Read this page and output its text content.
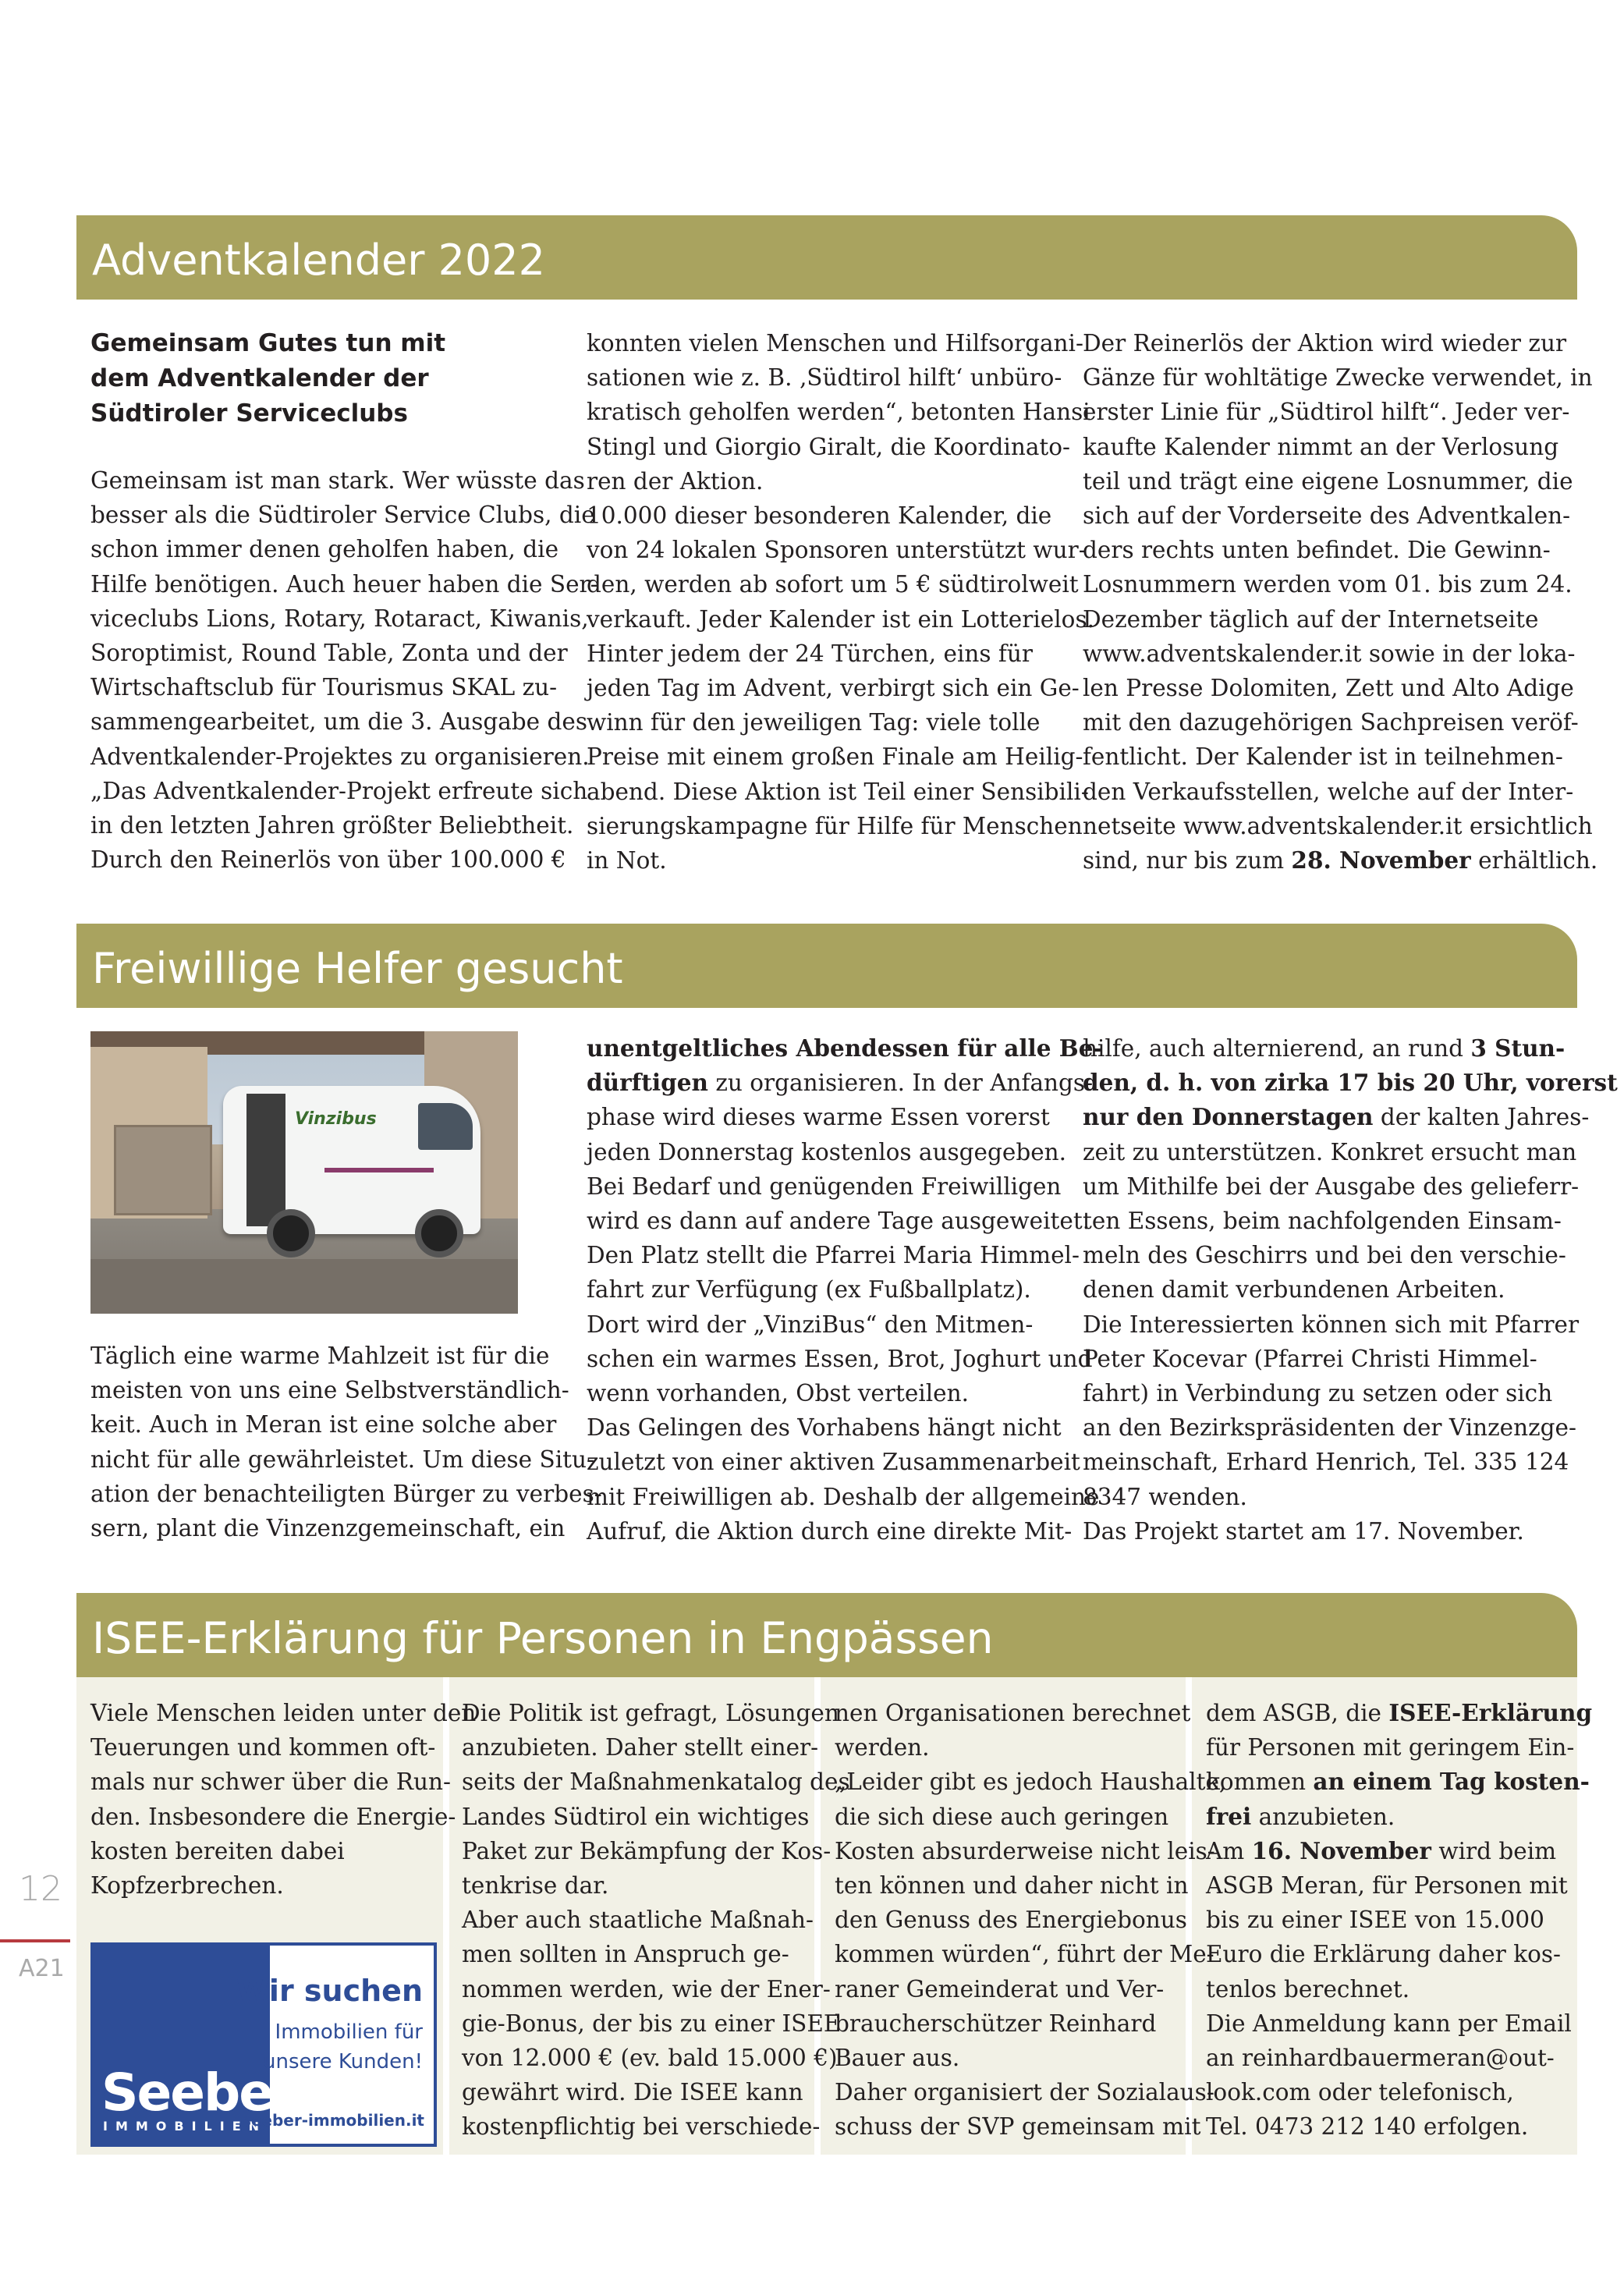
Adventkalender 2022

Gemeinsam Gutes tun mit

dem Adventkalender der

Südtiroler Serviceclubs

Gemeinsam ist man stark. Wer wüsste das

besser als die Südtiroler Service Clubs, die

schon immer denen geholfen haben, die

Hilfe benötigen. Auch heuer haben die Ser-

viceclubs Lions, Rotary, Rotaract, Kiwanis,

Soroptimist, Round Table, Zonta und der

Wirtschaftsclub für Tourismus SKAL zu-

sammengearbeitet, um die 3. Ausgabe des

Adventkalender-Projektes zu organisieren.

„Das Adventkalender-Projekt erfreute sich

in den letzten Jahren größter Beliebtheit.

Durch den Reinerlös von über 100.000 €

konnten vielen Menschen und Hilfsorgani-

sationen wie z. B. ‚Südtirol hilft‘ unbüro-

kratisch geholfen werden“, betonten Hansi

Stingl und Giorgio Giralt, die Koordinato-

ren der Aktion.

10.000 dieser besonderen Kalender, die

von 24 lokalen Sponsoren unterstützt wur-

den, werden ab sofort um 5 € südtirolweit

verkauft. Jeder Kalender ist ein Lotterielos.

Hinter jedem der 24 Türchen, eins für

jeden Tag im Advent, verbirgt sich ein Ge-

winn für den jeweiligen Tag: viele tolle

Preise mit einem großen Finale am Heilig-

abend. Diese Aktion ist Teil einer Sensibili-

sierungskampagne für Hilfe für Menschen

in Not.

Der Reinerlös der Aktion wird wieder zur

Gänze für wohltätige Zwecke verwendet, in

erster Linie für „Südtirol hilft“. Jeder ver-

kaufte Kalender nimmt an der Verlosung

teil und trägt eine eigene Losnummer, die

sich auf der Vorderseite des Adventkalen-

ders rechts unten befindet. Die Gewinn-

Losnummern werden vom 01. bis zum 24.

Dezember täglich auf der Internetseite

www.adventskalender.it sowie in der loka-

len Presse Dolomiten, Zett und Alto Adige

mit den dazugehörigen Sachpreisen veröf-

fentlicht. Der Kalender ist in teilnehmen-

den Verkaufsstellen, welche auf der Inter-

netseite www.adventskalender.it ersichtlich

sind, nur bis zum 28. November erhältlich.

Freiwillige Helfer gesucht
Vinzibus

Täglich eine warme Mahlzeit ist für die

meisten von uns eine Selbstverständlich-

keit. Auch in Meran ist eine solche aber

nicht für alle gewährleistet. Um diese Situ-

ation der benachteiligten Bürger zu verbes-

sern, plant die Vinzenzgemeinschaft, ein

unentgeltliches Abendessen für alle Be-

dürftigen zu organisieren. In der Anfangs-

phase wird dieses warme Essen vorerst

jeden Donnerstag kostenlos ausgegeben.

Bei Bedarf und genügenden Freiwilligen

wird es dann auf andere Tage ausgeweitet.

Den Platz stellt die Pfarrei Maria Himmel-

fahrt zur Verfügung (ex Fußballplatz).

Dort wird der „VinziBus“ den Mitmen-

schen ein warmes Essen, Brot, Joghurt und

wenn vorhanden, Obst verteilen.

Das Gelingen des Vorhabens hängt nicht

zuletzt von einer aktiven Zusammenarbeit

mit Freiwilligen ab. Deshalb der allgemeine

Aufruf, die Aktion durch eine direkte Mit-

hilfe, auch alternierend, an rund 3 Stun-

den, d. h. von zirka 17 bis 20 Uhr, vorerst

nur den Donnerstagen der kalten Jahres-

zeit zu unterstützen. Konkret ersucht man

um Mithilfe bei der Ausgabe des gelieferr-

ten Essens, beim nachfolgenden Einsam-

meln des Geschirrs und bei den verschie-

denen damit verbundenen Arbeiten.

Die Interessierten können sich mit Pfarrer

Peter Kocevar (Pfarrei Christi Himmel-

fahrt) in Verbindung zu setzen oder sich

an den Bezirkspräsidenten der Vinzenzge-

meinschaft, Erhard Henrich, Tel. 335 124

8347 wenden.

Das Projekt startet am 17. November.

ISEE-Erklärung für Personen in Engpässen

Viele Menschen leiden unter den

Teuerungen und kommen oft-

mals nur schwer über die Run-

den. Insbesondere die Energie-

kosten bereiten dabei

Kopfzerbrechen.

Die Politik ist gefragt, Lösungen

anzubieten. Daher stellt einer-

seits der Maßnahmenkatalog des

Landes Südtirol ein wichtiges

Paket zur Bekämpfung der Kos-

tenkrise dar.

Aber auch staatliche Maßnah-

men sollten in Anspruch ge-

nommen werden, wie der Ener-

gie-Bonus, der bis zu einer ISEE

von 12.000 € (ev. bald 15.000 €)

gewährt wird. Die ISEE kann

kostenpflichtig bei verschiede-

nen Organisationen berechnet

werden.

„Leider gibt es jedoch Haushalte,

die sich diese auch geringen

Kosten absurderweise nicht leis-

ten können und daher nicht in

den Genuss des Energiebonus

kommen würden“, führt der Me-

raner Gemeinderat und Ver-

braucherschützer Reinhard

Bauer aus.

Daher organisiert der Sozialaus-

schuss der SVP gemeinsam mit

dem ASGB, die ISEE-Erklärung

für Personen mit geringem Ein-

kommen an einem Tag kosten-

frei anzubieten.

Am 16. November wird beim

ASGB Meran, für Personen mit

bis zu einer ISEE von 15.000

Euro die Erklärung daher kos-

tenlos berechnet.

Die Anmeldung kann per Email

an reinhardbauermeran@out-

look.com oder telefonisch,

Tel. 0473 212 140 erfolgen.

12
A21
Seeber
IMMOBILIEN
Wir suchen
Immobilien für
unsere Kunden!
seeber-immobilien.it
